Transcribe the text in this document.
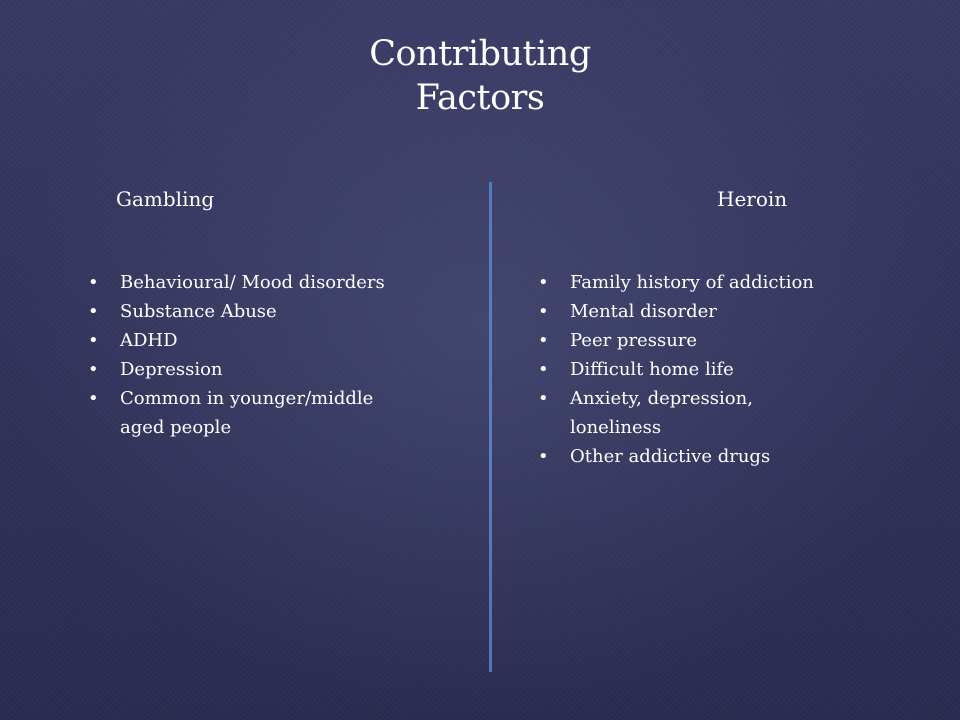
Contributing
Factors
Gambling	Heroin
• Behavioural/ Mood disorders
• Substance Abuse
• ADHD
• Depression
• Common in younger/middle aged people
• Family history of addiction
• Mental disorder
• Peer pressure
• Difficult home life
• Anxiety, depression, loneliness
• Other addictive drugs
